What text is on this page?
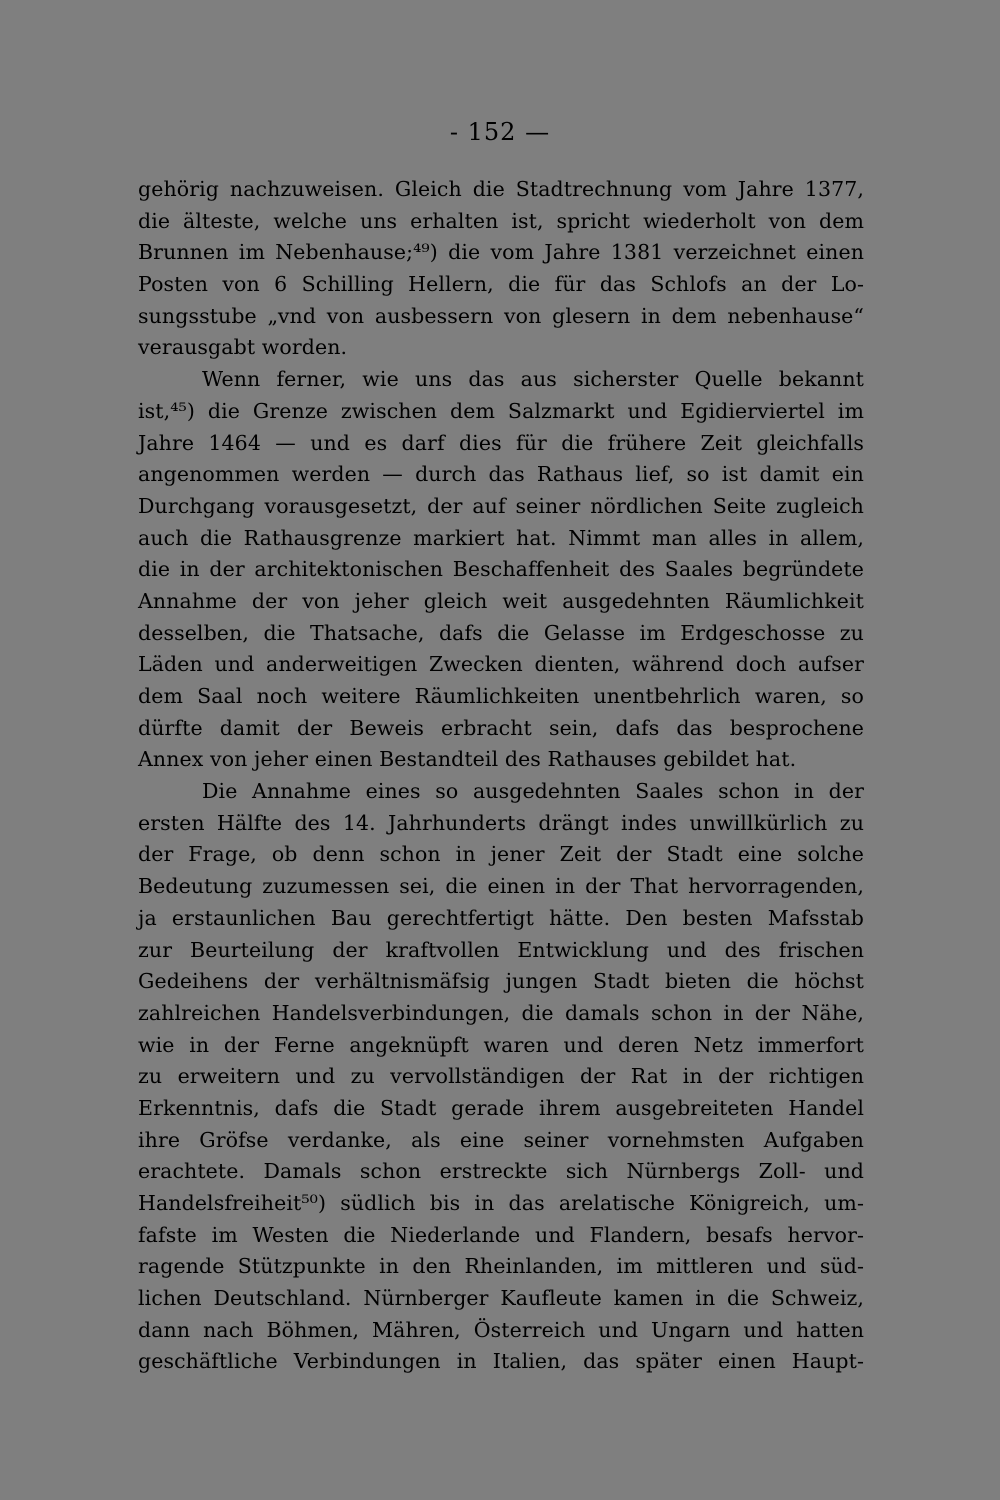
- 152 —
gehörig nachzuweisen. Gleich die Stadtrechnung vom Jahre 1377,
die älteste, welche uns erhalten ist, spricht wiederholt von dem
Brunnen im Nebenhause;⁴⁹) die vom Jahre 1381 verzeichnet einen
Posten von 6 Schilling Hellern, die für das Schlofs an der Lo-
sungsstube „vnd von ausbessern von glesern in dem nebenhause“
verausgabt worden.
Wenn ferner, wie uns das aus sicherster Quelle bekannt
ist,⁴⁵) die Grenze zwischen dem Salzmarkt und Egidierviertel im
Jahre 1464 — und es darf dies für die frühere Zeit gleichfalls
angenommen werden — durch das Rathaus lief, so ist damit ein
Durchgang vorausgesetzt, der auf seiner nördlichen Seite zugleich
auch die Rathausgrenze markiert hat. Nimmt man alles in allem,
die in der architektonischen Beschaffenheit des Saales begründete
Annahme der von jeher gleich weit ausgedehnten Räumlichkeit
desselben, die Thatsache, dafs die Gelasse im Erdgeschosse zu
Läden und anderweitigen Zwecken dienten, während doch aufser
dem Saal noch weitere Räumlichkeiten unentbehrlich waren, so
dürfte damit der Beweis erbracht sein, dafs das besprochene
Annex von jeher einen Bestandteil des Rathauses gebildet hat.
Die Annahme eines so ausgedehnten Saales schon in der
ersten Hälfte des 14. Jahrhunderts drängt indes unwillkürlich zu
der Frage, ob denn schon in jener Zeit der Stadt eine solche
Bedeutung zuzumessen sei, die einen in der That hervorragenden,
ja erstaunlichen Bau gerechtfertigt hätte. Den besten Mafsstab
zur Beurteilung der kraftvollen Entwicklung und des frischen
Gedeihens der verhältnismäfsig jungen Stadt bieten die höchst
zahlreichen Handelsverbindungen, die damals schon in der Nähe,
wie in der Ferne angeknüpft waren und deren Netz immerfort
zu erweitern und zu vervollständigen der Rat in der richtigen
Erkenntnis, dafs die Stadt gerade ihrem ausgebreiteten Handel
ihre Gröfse verdanke, als eine seiner vornehmsten Aufgaben
erachtete. Damals schon erstreckte sich Nürnbergs Zoll- und
Handelsfreiheit⁵⁰) südlich bis in das arelatische Königreich, um-
fafste im Westen die Niederlande und Flandern, besafs hervor-
ragende Stützpunkte in den Rheinlanden, im mittleren und süd-
lichen Deutschland. Nürnberger Kaufleute kamen in die Schweiz,
dann nach Böhmen, Mähren, Österreich und Ungarn und hatten
geschäftliche Verbindungen in Italien, das später einen Haupt-
